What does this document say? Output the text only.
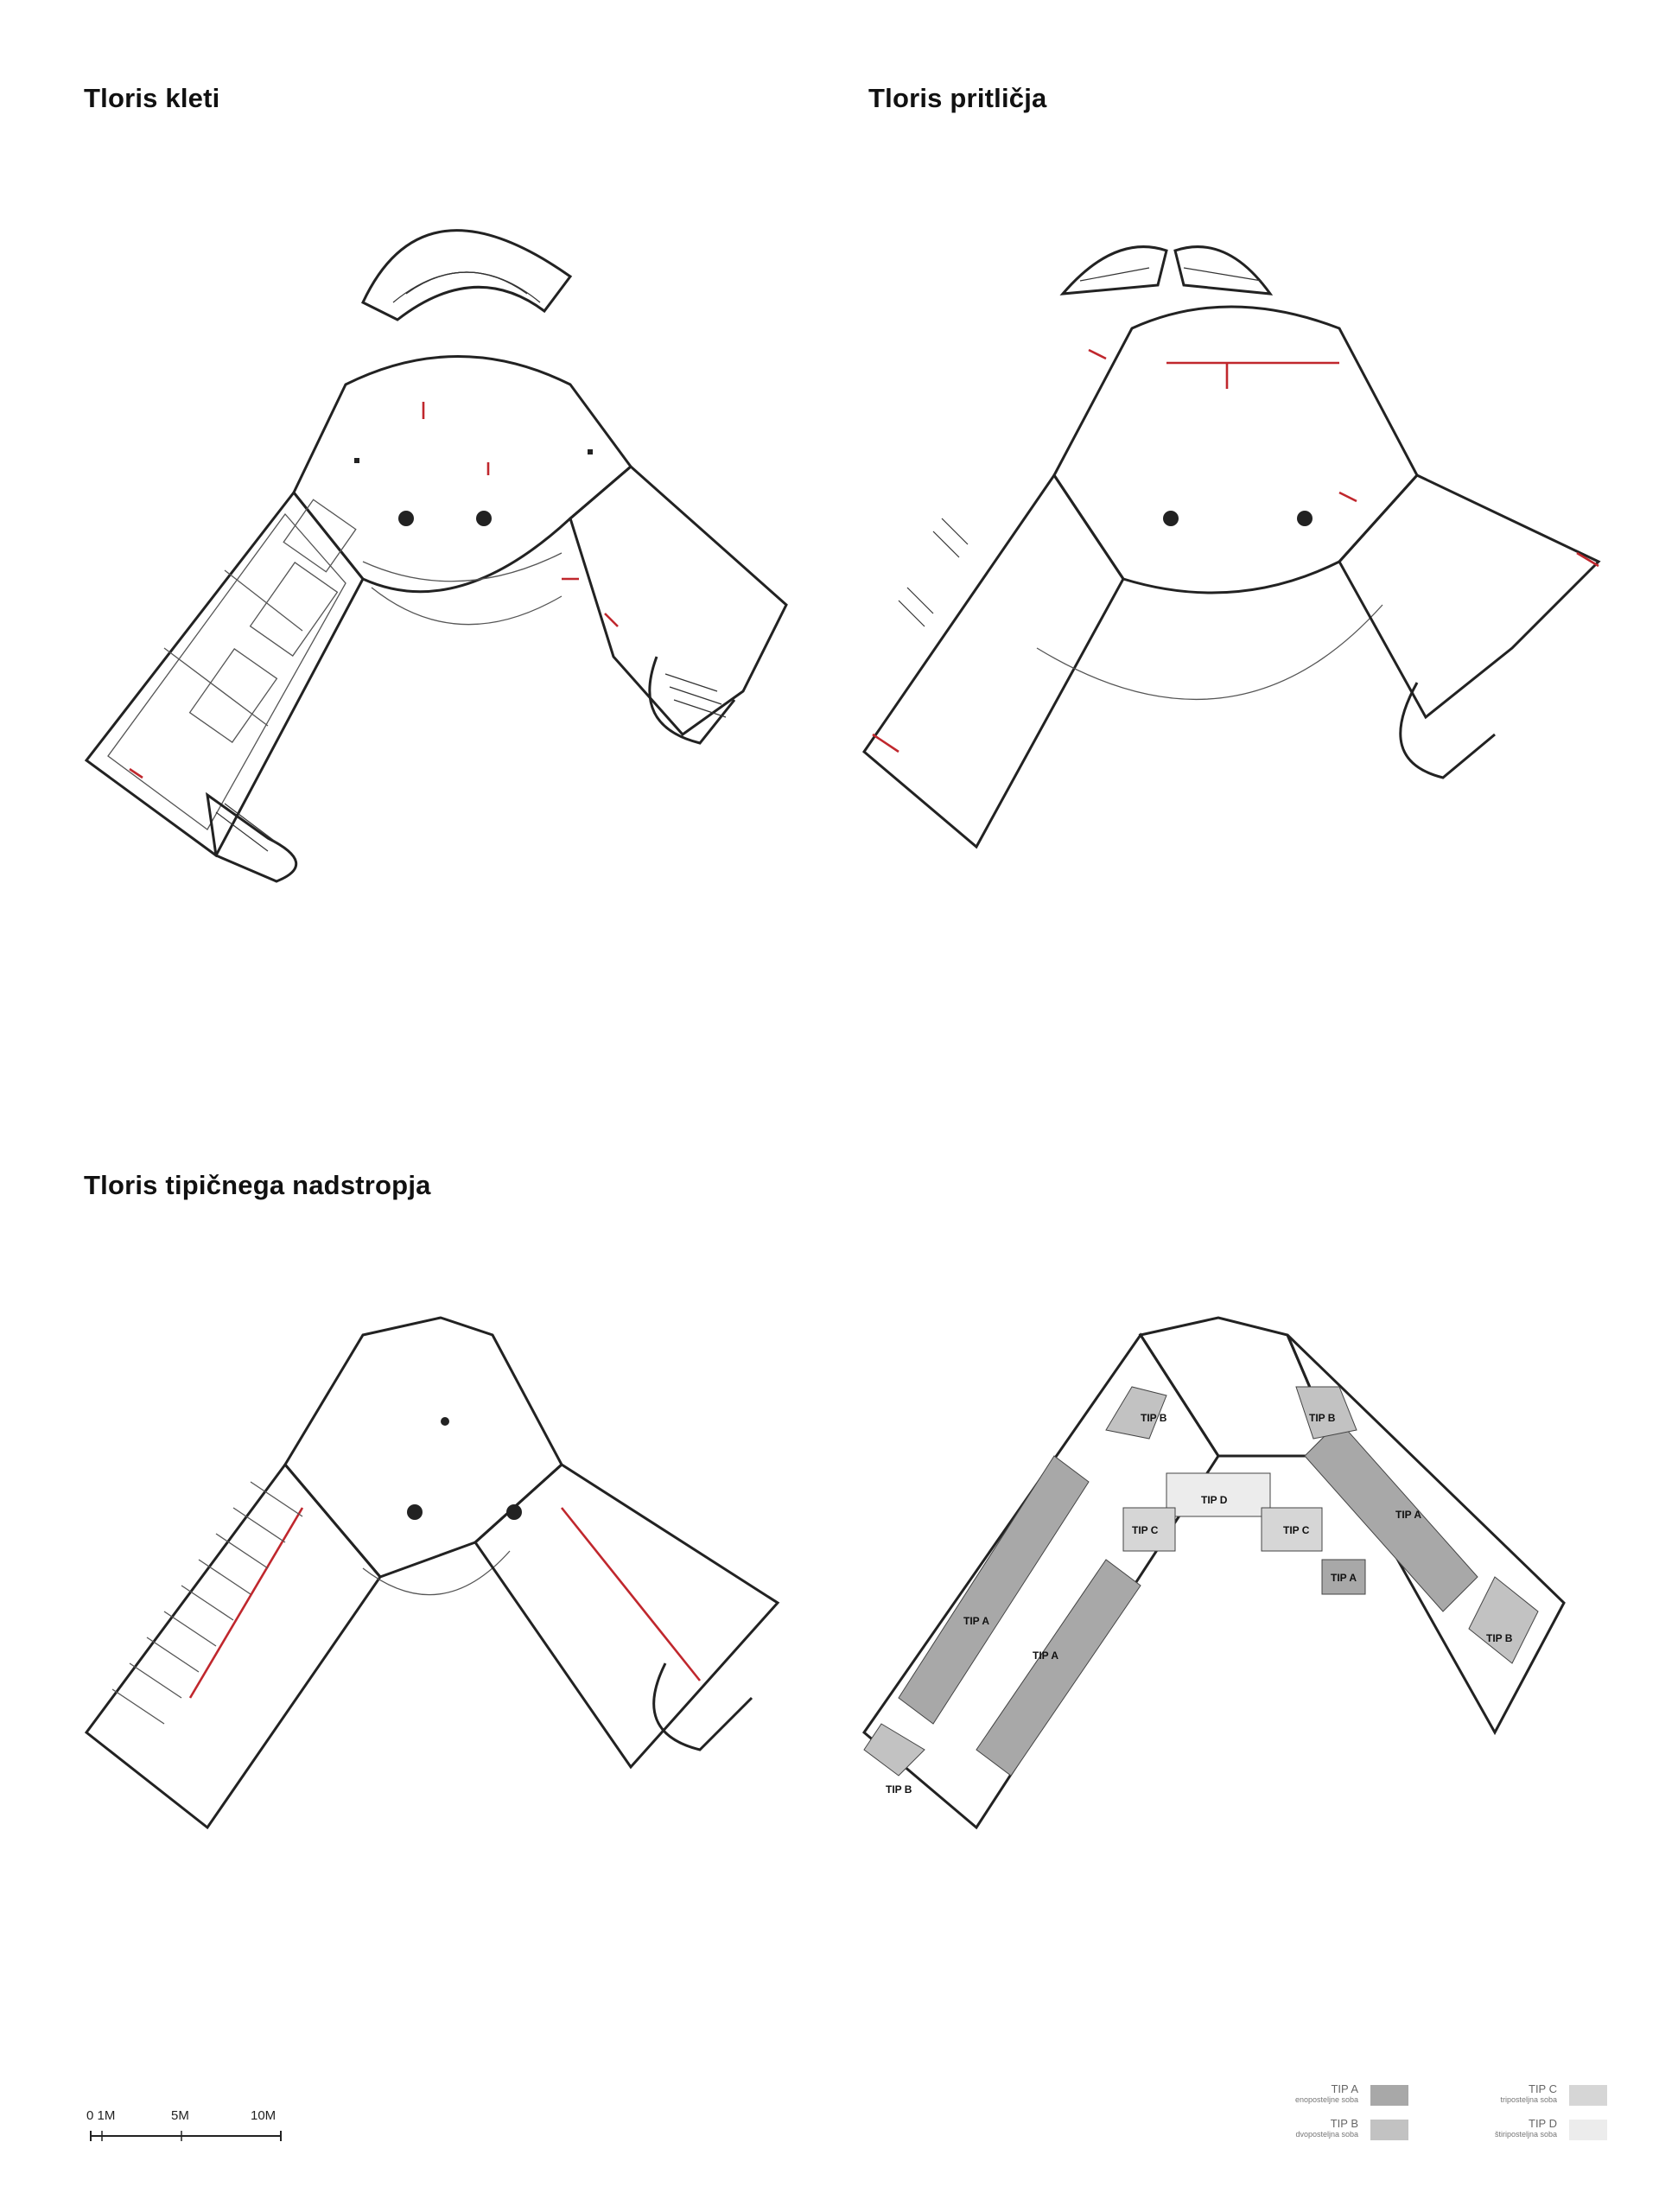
Tloris kleti	Tloris pritličja
Tloris tipičnega nadstropja
TIP B
TIP A
TIP A
TIP B
TIP D
TIP C	TIP C
TIP B
TIP A
TIP A
TIP B
0 1M	5M	10M
TIP A
enoposteljne soba
TIP B
dvoposteljna soba
TIP C
triposteljna soba
TIP D
štiriposteljna soba
